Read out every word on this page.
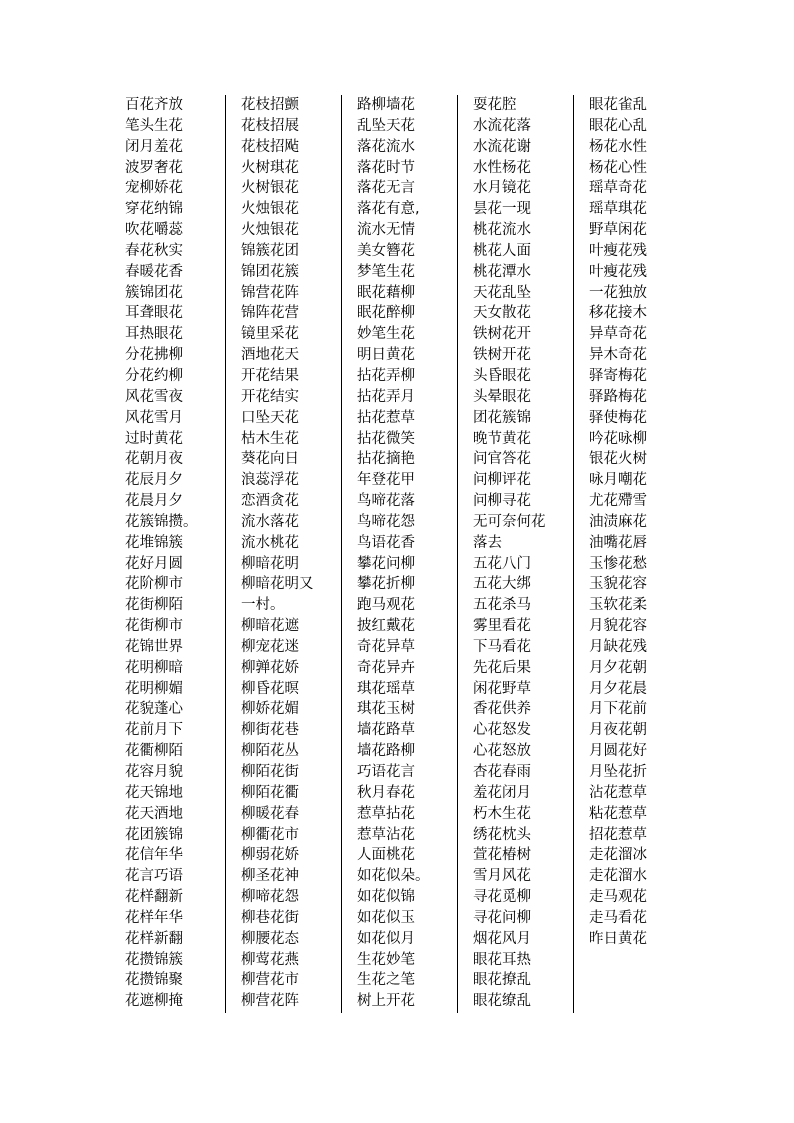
百花齐放
笔头生花
闭月羞花
波罗奢花
宠柳娇花
穿花纳锦
吹花嚼蕊
春花秋实
春暖花香
簇锦团花
耳聋眼花
耳热眼花
分花拂柳
分花约柳
风花雪夜
风花雪月
过时黄花
花朝月夜
花辰月夕
花晨月夕
花簇锦攒。
花堆锦簇
花好月圆
花阶柳市
花街柳陌
花街柳市
花锦世界
花明柳暗
花明柳媚
花貌蓬心
花前月下
花衢柳陌
花容月貌
花天锦地
花天酒地
花团簇锦
花信年华
花言巧语
花样翻新
花样年华
花样新翻
花攒锦簇
花攒锦聚
花遮柳掩
花枝招颤
花枝招展
花枝招飐
火树琪花
火树银花
火烛银花
火烛银花
锦簇花团
锦团花簇
锦营花阵
锦阵花营
镜里采花
酒地花天
开花结果
开花结实
口坠天花
枯木生花
葵花向日
浪蕊浮花
恋酒贪花
流水落花
流水桃花
柳暗花明
柳暗花明又
一村。
柳暗花遮
柳宠花迷
柳亸花娇
柳昏花暝
柳娇花媚
柳街花巷
柳陌花丛
柳陌花街
柳陌花衢
柳暖花春
柳衢花市
柳弱花娇
柳圣花神
柳啼花怨
柳巷花街
柳腰花态
柳莺花燕
柳营花市
柳营花阵
路柳墙花
乱坠天花
落花流水
落花时节
落花无言
落花有意,
流水无情
美女簪花
梦笔生花
眠花藉柳
眠花醉柳
妙笔生花
明日黄花
拈花弄柳
拈花弄月
拈花惹草
拈花微笑
拈花摘艳
年登花甲
鸟啼花落
鸟啼花怨
鸟语花香
攀花问柳
攀花折柳
跑马观花
披红戴花
奇花异草
奇花异卉
琪花瑶草
琪花玉树
墙花路草
墙花路柳
巧语花言
秋月春花
惹草拈花
惹草沾花
人面桃花
如花似朵。
如花似锦
如花似玉
如花似月
生花妙笔
生花之笔
树上开花
耍花腔
水流花落
水流花谢
水性杨花
水月镜花
昙花一现
桃花流水
桃花人面
桃花潭水
天花乱坠
天女散花
铁树花开
铁树开花
头昏眼花
头晕眼花
团花簇锦
晚节黄花
问官答花
问柳评花
问柳寻花
无可奈何花
落去
五花八门
五花大绑
五花杀马
雾里看花
下马看花
先花后果
闲花野草
香花供养
心花怒发
心花怒放
杏花春雨
羞花闭月
朽木生花
绣花枕头
萱花椿树
雪月风花
寻花觅柳
寻花问柳
烟花风月
眼花耳热
眼花撩乱
眼花缭乱
眼花雀乱
眼花心乱
杨花水性
杨花心性
瑶草奇花
瑶草琪花
野草闲花
叶瘦花残
叶瘦花残
一花独放
移花接木
异草奇花
异木奇花
驿寄梅花
驿路梅花
驿使梅花
吟花咏柳
银花火树
咏月嘲花
尤花殢雪
油渍麻花
油嘴花唇
玉惨花愁
玉貌花容
玉软花柔
月貌花容
月缺花残
月夕花朝
月夕花晨
月下花前
月夜花朝
月圆花好
月坠花折
沾花惹草
粘花惹草
招花惹草
走花溜冰
走花溜水
走马观花
走马看花
昨日黄花
